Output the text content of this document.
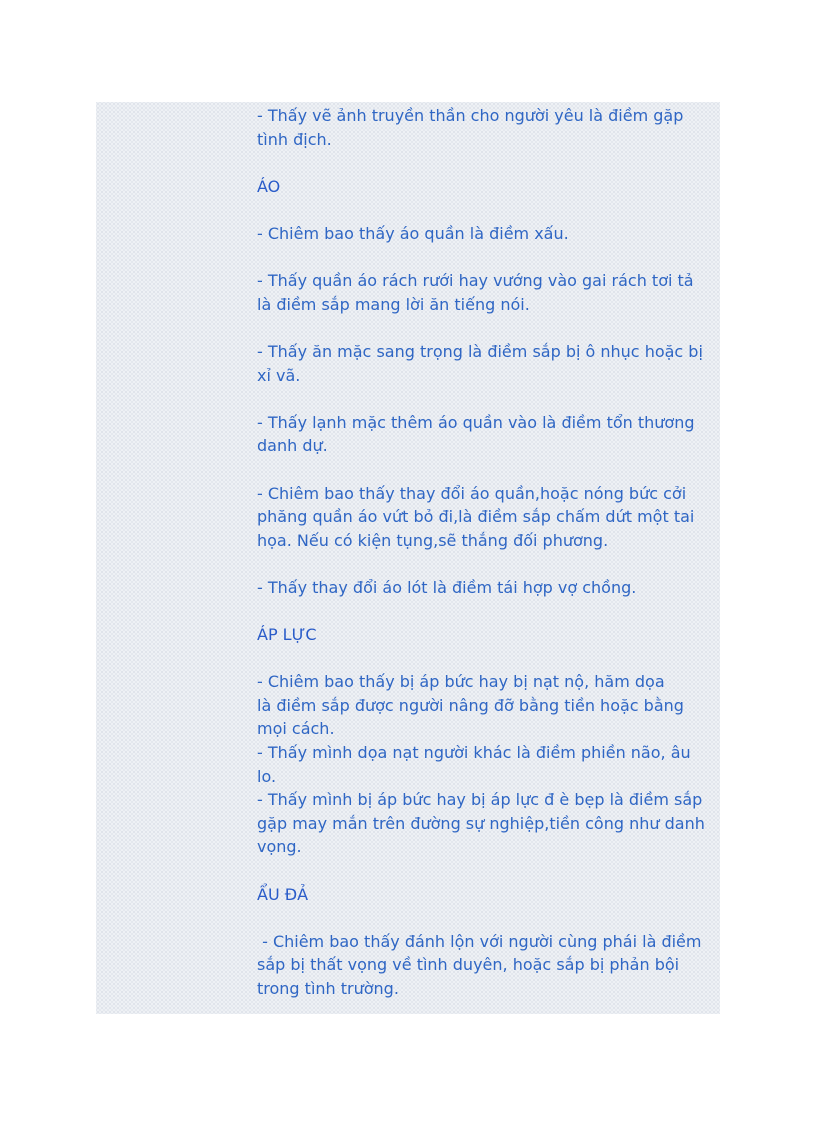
- Thấy vẽ ảnh truyền thần cho người yêu là điềm gặp

tình địch.

ÁO

- Chiêm bao thấy áo quần là điềm xấu.

- Thấy quần áo rách rưới hay vướng vào gai rách tơi tả

là điềm sắp mang lời ăn tiếng nói.

- Thấy ăn mặc sang trọng là điềm sắp bị ô nhục hoặc bị

xỉ vã.

- Thấy lạnh mặc thêm áo quần vào là điềm tổn thương

danh dự.

- Chiêm bao thấy thay đổi áo quần,hoặc nóng bức cởi

phăng quần áo vứt bỏ đi,là điềm sắp chấm dứt một tai

họa. Nếu có kiện tụng,sẽ thắng đối phương.

- Thấy thay đổi áo lót là điềm tái hợp vợ chồng.

ÁP LỰC

- Chiêm bao thấy bị áp bức hay bị nạt nộ, hăm dọa

là điềm sắp được người nâng đỡ bằng tiền hoặc bằng

mọi cách.

- Thấy mình dọa nạt người khác là điềm phiền não, âu

lo.

- Thấy mình bị áp bức hay bị áp lực đ è bẹp là điềm sắp

gặp may mắn trên đường sự nghiệp,tiền công như danh

vọng.

ẨU ĐẢ

- Chiêm bao thấy đánh lộn với người cùng phái là điềm

sắp bị thất vọng về tình duyên, hoặc sắp bị phản bội

trong tình trường.
